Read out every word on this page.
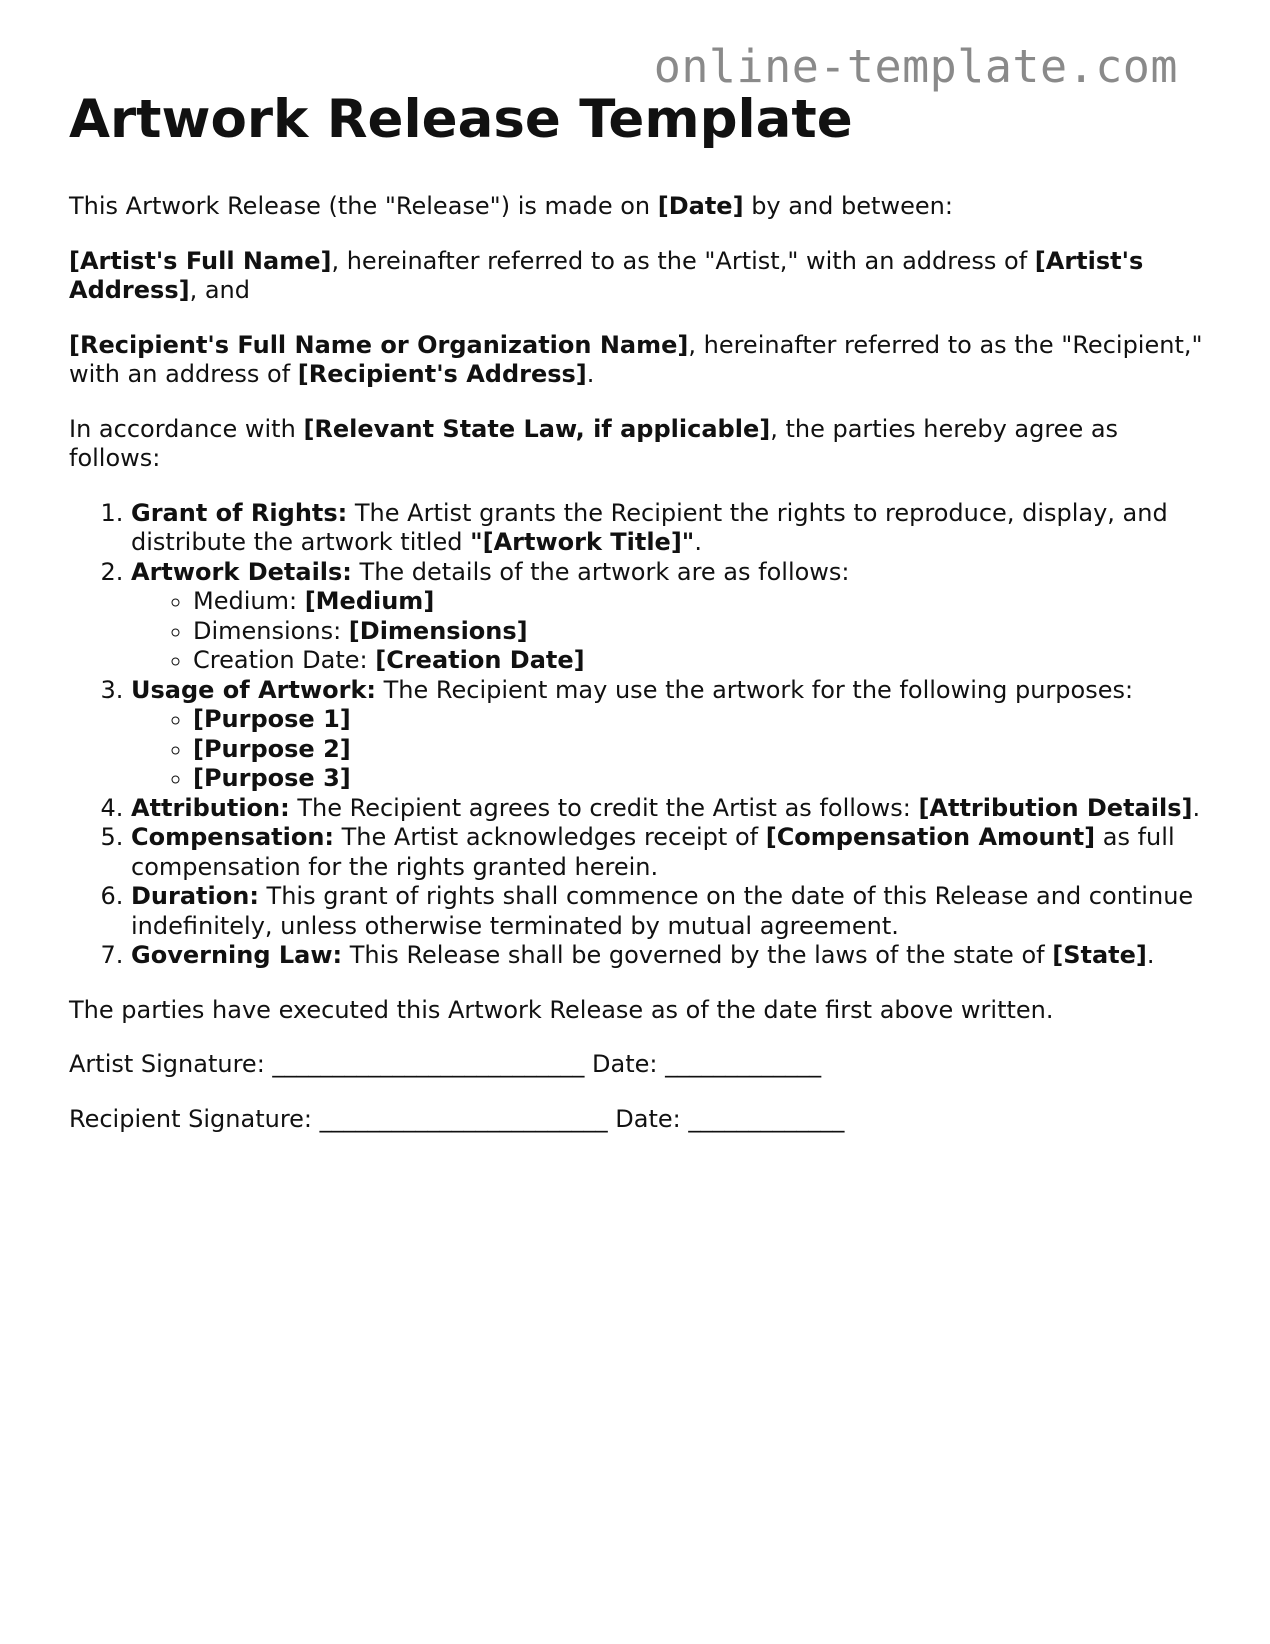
online-template.com
Artwork Release Template

This Artwork Release (the "Release") is made on [Date] by and between:

[Artist's Full Name], hereinafter referred to as the "Artist," with an address of [Artist's Address], and

[Recipient's Full Name or Organization Name], hereinafter referred to as the "Recipient," with an address of [Recipient's Address].

In accordance with [Relevant State Law, if applicable], the parties hereby agree as follows:

1. Grant of Rights: The Artist grants the Recipient the rights to reproduce, display, and distribute the artwork titled "[Artwork Title]".
2. Artwork Details: The details of the artwork are as follows:
◦ Medium: [Medium]
◦ Dimensions: [Dimensions]
◦ Creation Date: [Creation Date]
3. Usage of Artwork: The Recipient may use the artwork for the following purposes:
◦ [Purpose 1]
◦ [Purpose 2]
◦ [Purpose 3]
4. Attribution: The Recipient agrees to credit the Artist as follows: [Attribution Details].
5. Compensation: The Artist acknowledges receipt of [Compensation Amount] as full compensation for the rights granted herein.
6. Duration: This grant of rights shall commence on the date of this Release and continue indefinitely, unless otherwise terminated by mutual agreement.
7. Governing Law: This Release shall be governed by the laws of the state of [State].

The parties have executed this Artwork Release as of the date first above written.

Artist Signature: __________________________ Date: _____________

Recipient Signature: ________________________ Date: _____________
